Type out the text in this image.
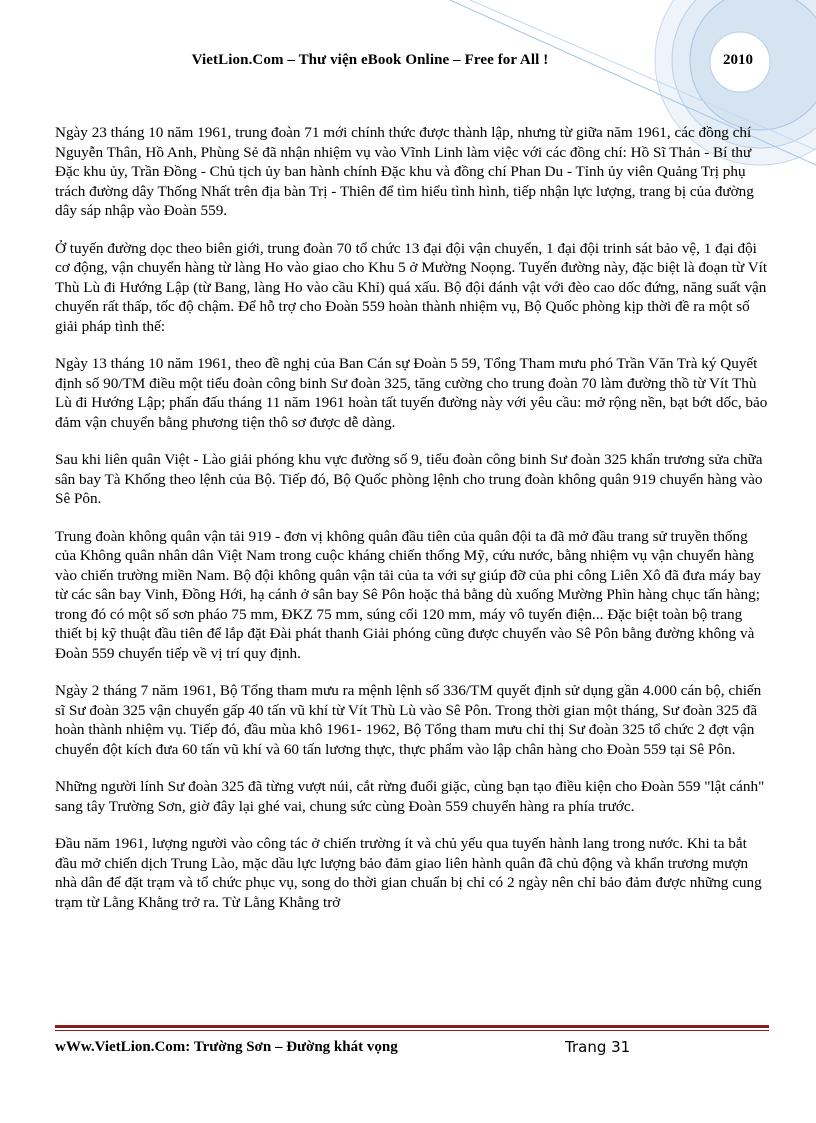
VietLion.Com – Thư viện eBook Online – Free for All !	2010

Ngày 23 tháng 10 năm 1961, trung đoàn 71 mới chính thức được thành lập, nhưng từ giữa năm 1961, các đồng chí Nguyễn Thân, Hồ Anh, Phùng Sẻ đã nhận nhiệm vụ vào Vĩnh Linh làm việc với các đồng chí: Hồ Sĩ Thản - Bí thư Đặc khu ủy, Trần Đồng - Chủ tịch ủy ban hành chính Đặc khu và đồng chí Phan Du - Tỉnh ủy viên Quảng Trị phụ trách đường dây Thống Nhất trên địa bàn Trị - Thiên để tìm hiểu tình hình, tiếp nhận lực lượng, trang bị của đường dây sáp nhập vào Đoàn 559.

Ở tuyến đường dọc theo biên giới, trung đoàn 70 tổ chức 13 đại đội vận chuyển, 1 đại đội trinh sát bảo vệ, 1 đại đội cơ động, vận chuyển hàng từ làng Ho vào giao cho Khu 5 ở Mường Noọng. Tuyến đường này, đặc biệt là đoạn từ Vít Thù Lù đi Hướng Lập (từ Bang, làng Ho vào cầu Khỉ) quá xấu. Bộ đội đánh vật với đèo cao dốc đứng, năng suất vận chuyển rất thấp, tốc độ chậm. Để hỗ trợ cho Đoàn 559 hoàn thành nhiệm vụ, Bộ Quốc phòng kịp thời đề ra một số giải pháp tình thế:

Ngày 13 tháng 10 năm 1961, theo đề nghị của Ban Cán sự Đoàn 5 59, Tổng Tham mưu phó Trần Văn Trà ký Quyết định số 90/TM điều một tiểu đoàn công binh Sư đoàn 325, tăng cường cho trung đoàn 70 làm đường thồ từ Vít Thù Lù đi Hướng Lập; phấn đấu tháng 11 năm 1961 hoàn tất tuyến đường này với yêu cầu: mở rộng nền, bạt bớt dốc, bảo đảm vận chuyển bằng phương tiện thô sơ được dễ dàng.

Sau khi liên quân Việt - Lào giải phóng khu vực đường số 9, tiểu đoàn công binh Sư đoàn 325 khẩn trương sửa chữa sân bay Tà Khống theo lệnh của Bộ. Tiếp đó, Bộ Quốc phòng lệnh cho trung đoàn không quân 919 chuyển hàng vào Sê Pôn.

Trung đoàn không quân vận tải 919 - đơn vị không quân đầu tiên của quân đội ta đã mở đầu trang sử truyền thống của Không quân nhân dân Việt Nam trong cuộc kháng chiến thống Mỹ, cứu nước, bằng nhiệm vụ vận chuyển hàng vào chiến trường miền Nam. Bộ đội không quân vận tải của ta với sự giúp đỡ của phi công Liên Xô đã đưa máy bay từ các sân bay Vinh, Đồng Hới, hạ cánh ở sân bay Sê Pôn hoặc thả bằng dù xuống Mường Phìn hàng chục tấn hàng; trong đó có một số sơn pháo 75 mm, ĐKZ 75 mm, súng cối 120 mm, máy vô tuyến điện... Đặc biệt toàn bộ trang thiết bị kỹ thuật đầu tiên để lắp đặt Đài phát thanh Giải phóng cũng được chuyển vào Sê Pôn bằng đường không và Đoàn 559 chuyển tiếp về vị trí quy định.

Ngày 2 tháng 7 năm 1961, Bộ Tổng tham mưu ra mệnh lệnh số 336/TM quyết định sử dụng gần 4.000 cán bộ, chiến sĩ Sư đoàn 325 vận chuyển gấp 40 tấn vũ khí từ Vít Thù Lù vào Sê Pôn. Trong thời gian một tháng, Sư đoàn 325 đã hoàn thành nhiệm vụ. Tiếp đó, đầu mùa khô 1961- 1962, Bộ Tổng tham mưu chỉ thị Sư đoàn 325 tổ chức 2 đợt vận chuyển đột kích đưa 60 tấn vũ khí và 60 tấn lương thực, thực phẩm vào lập chân hàng cho Đoàn 559 tại Sê Pôn.

Những người lính Sư đoàn 325 đã từng vượt núi, cắt rừng đuổi giặc, cùng bạn tạo điều kiện cho Đoàn 559 "lật cánh" sang tây Trường Sơn, giờ đây lại ghé vai, chung sức cùng Đoàn 559 chuyển hàng ra phía trước.

Đầu năm 1961, lượng người vào công tác ở chiến trường ít và chủ yếu qua tuyến hành lang trong nước. Khi ta bắt đầu mở chiến dịch Trung Lào, mặc dầu lực lượng bảo đảm giao liên hành quân đã chủ động và khẩn trương mượn nhà dân để đặt trạm và tổ chức phục vụ, song do thời gian chuẩn bị chỉ có 2 ngày nên chỉ bảo đảm được những cung trạm từ Lằng Khằng trở ra. Từ Lằng Khằng trở

wWw.VietLion.Com: Trường Sơn – Đường khát vọng	Trang 31
